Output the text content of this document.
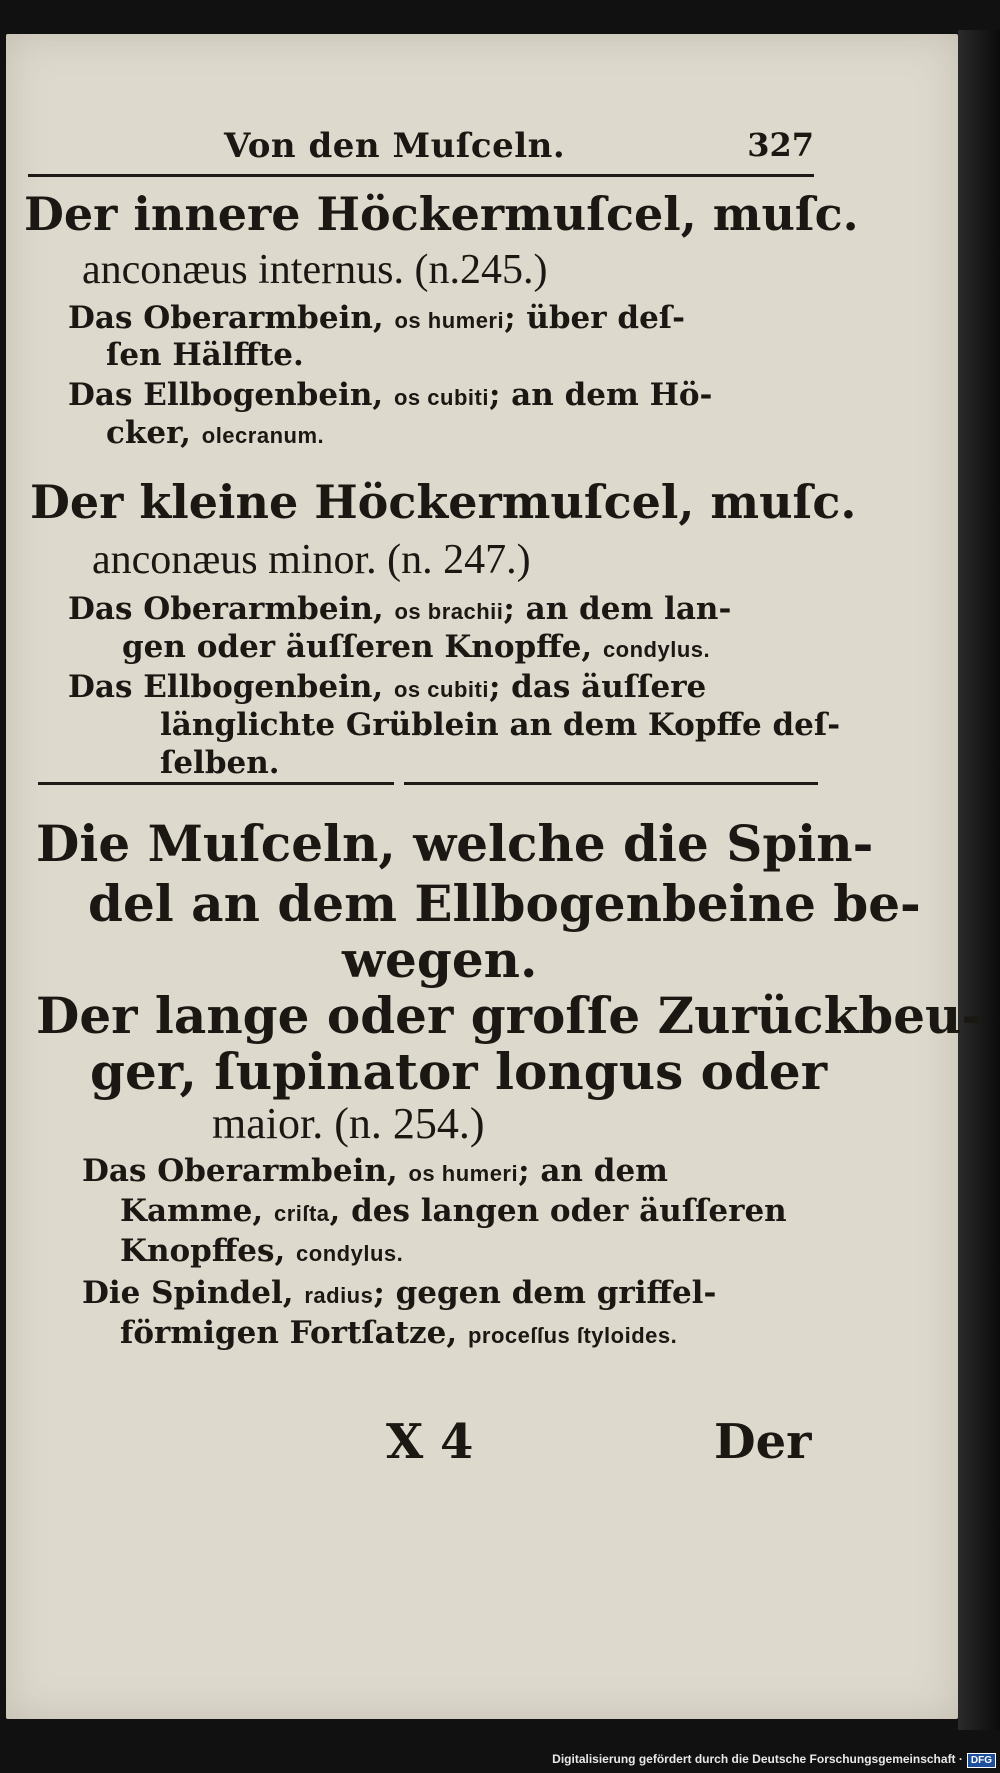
Von den Muſceln.	327
Der innere Höckermuſcel, muſc.
anconæus internus. (n.245.)
Das Oberarmbein, os humeri; über deſ-
ſen Hälffte.
Das Ellbogenbein, os cubiti; an dem Hö-
cker, olecranum.
Der kleine Höckermuſcel, muſc.
anconæus minor. (n. 247.)
Das Oberarmbein, os brachii; an dem lan-
gen oder äuſſeren Knopffe, condylus.
Das Ellbogenbein, os cubiti; das äuſſere
länglichte Grüblein an dem Kopffe deſ-
ſelben.
Die Muſceln, welche die Spin-
del an dem Ellbogenbeine be-
wegen.
Der lange oder groſſe Zurückbeu-
ger, ſupinator longus oder
maior. (n. 254.)
Das Oberarmbein, os humeri; an dem
Kamme, criſta, des langen oder äuſſeren
Knopffes, condylus.
Die Spindel, radius; gegen dem griffel-
förmigen Fortſatze, proceſſus ſtyloides.
X 4	Der
Digitalisierung gefördert durch die Deutsche Forschungsgemeinschaft · DFG
